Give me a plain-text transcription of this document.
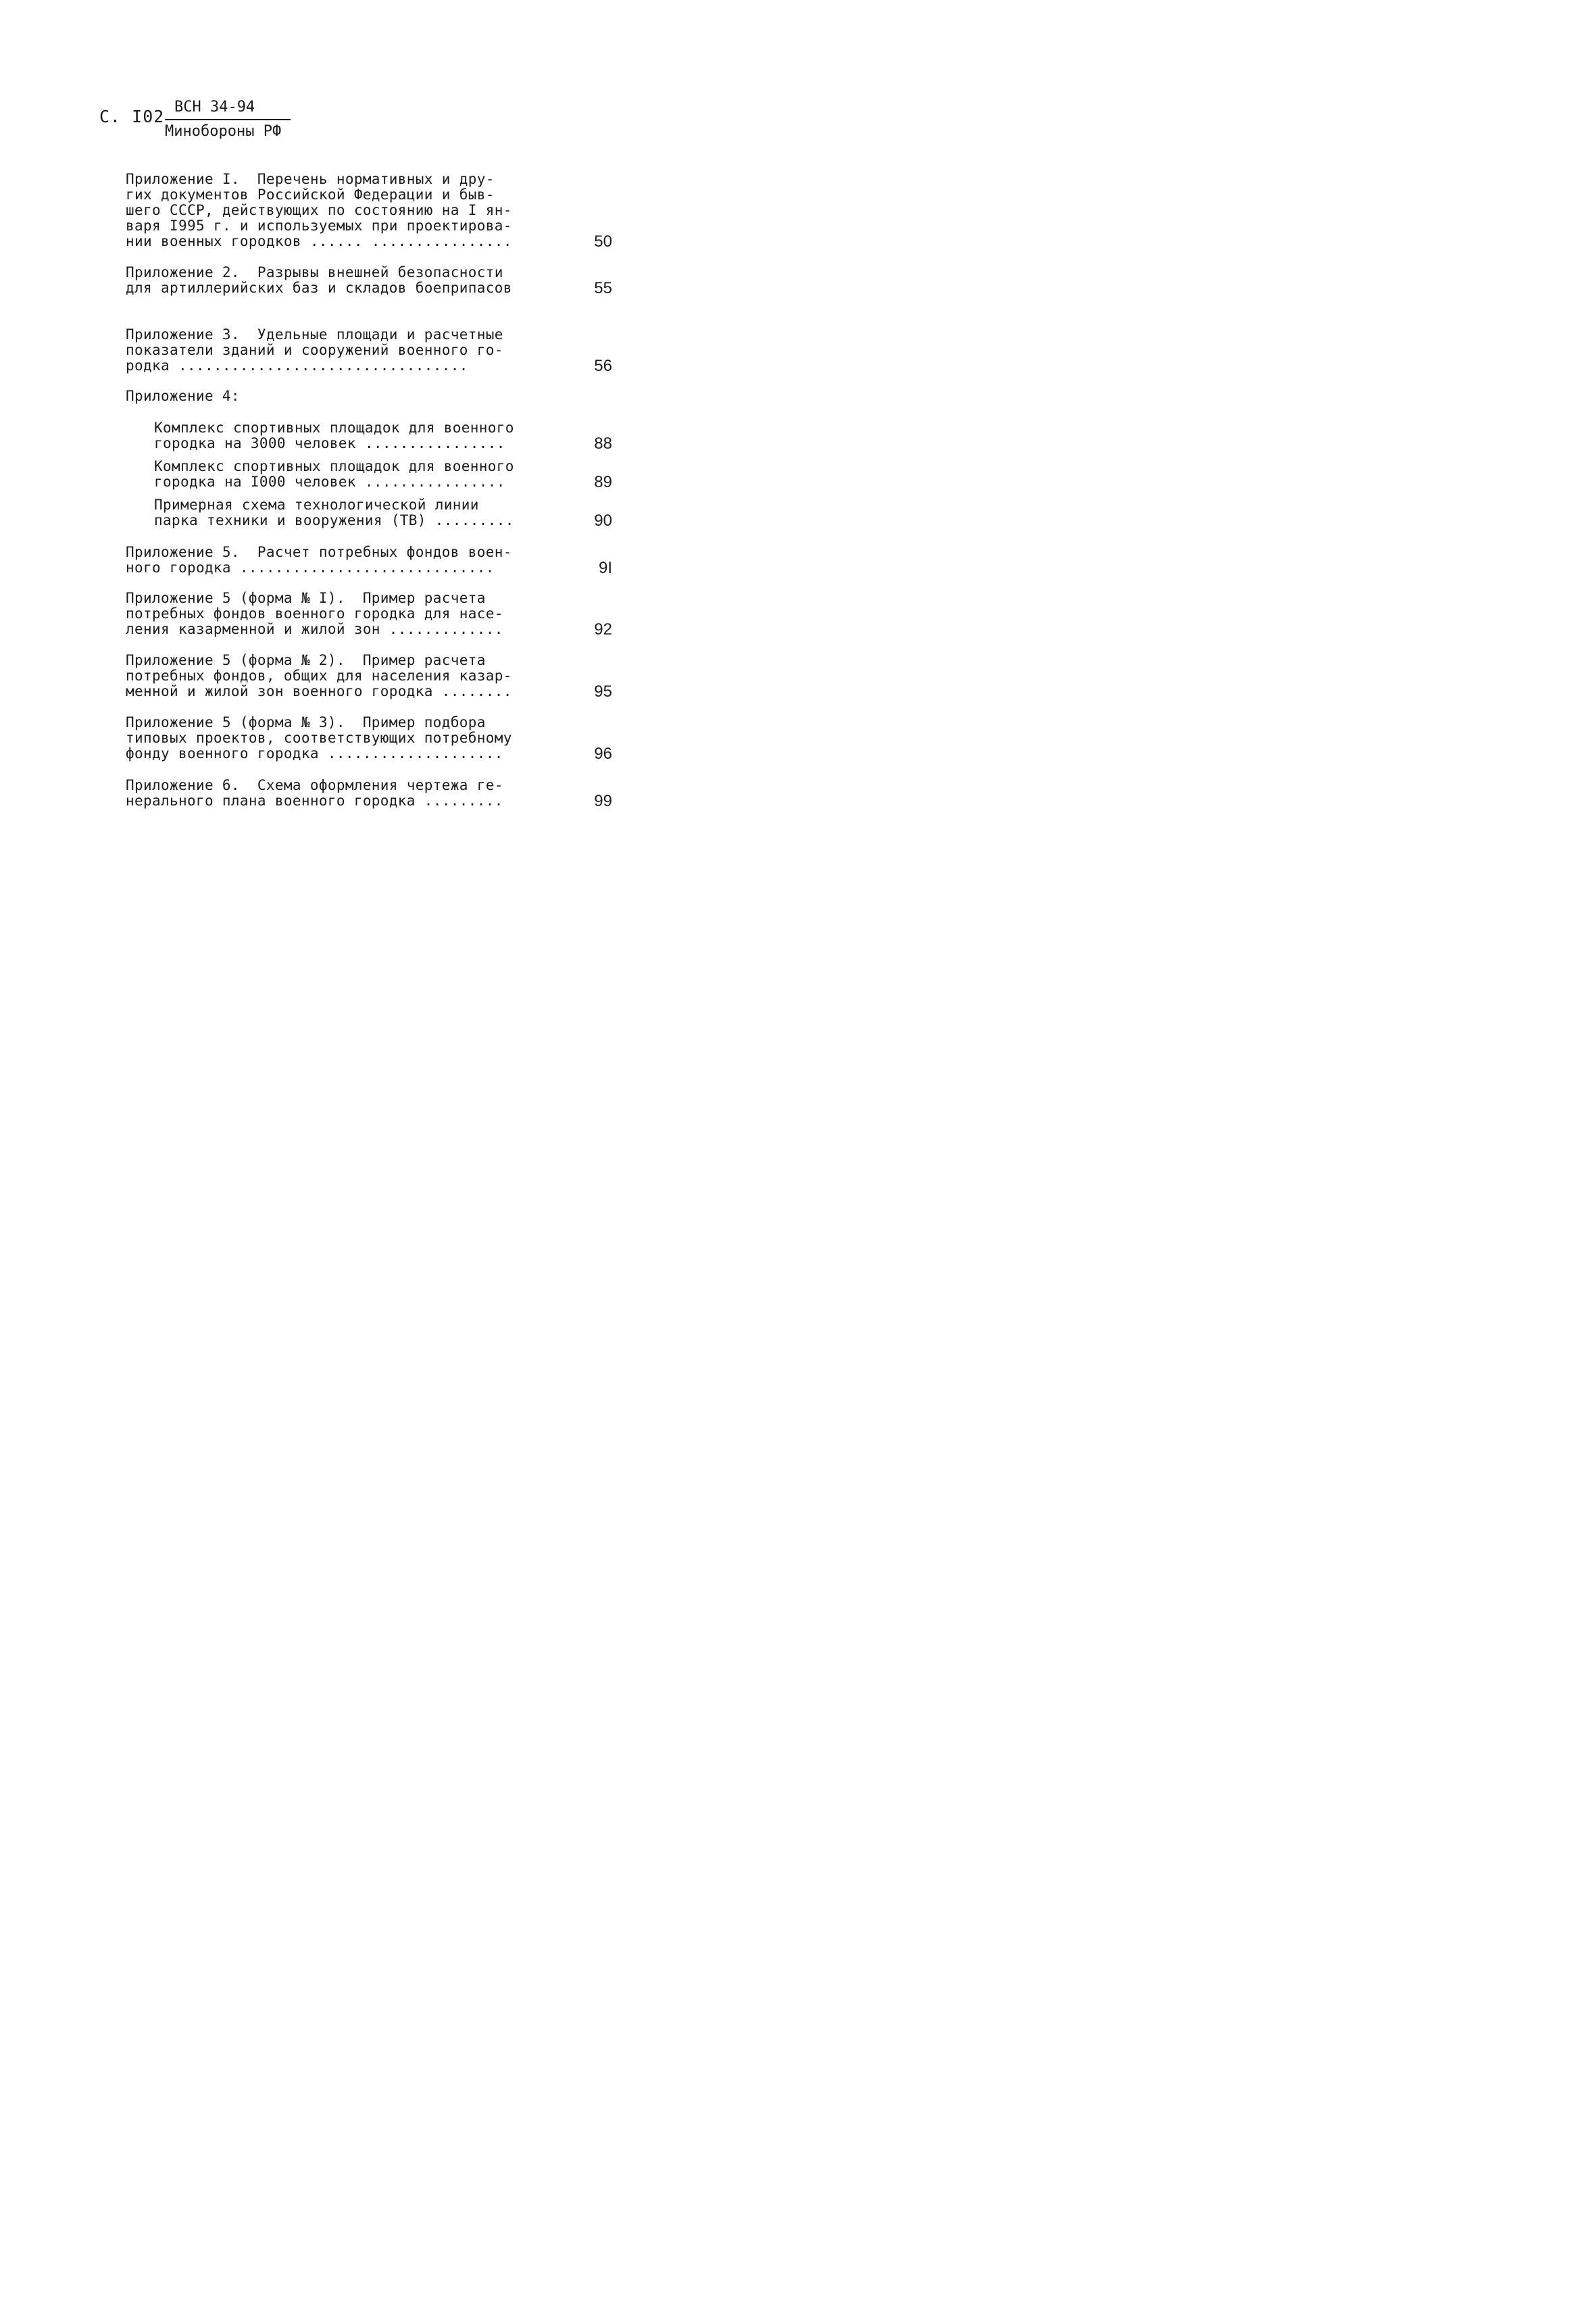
С. I02 ВСН 34-94
Минобороны РФ
Приложение I.  Перечень нормативных и дру-
гих документов Российской Федерации и быв-
шего СССР, действующих по состоянию на I ян-
варя I995 г. и используемых при проектирова-
нии военных городков ...... ................	50
Приложение 2.  Разрывы внешней безопасности
для артиллерийских баз и складов боеприпасов	55
Приложение 3.  Удельные площади и расчетные
показатели зданий и сооружений военного го-
родка .................................	56
Приложение 4:
Комплекс спортивных площадок для военного
городка на 3000 человек ................	88
Комплекс спортивных площадок для военного
городка на I000 человек ................	89
Примерная схема технологической линии
парка техники и вооружения (ТВ) .........	90
Приложение 5.  Расчет потребных фондов воен-
ного городка .............................	9I
Приложение 5 (форма № I).  Пример расчета
потребных фондов военного городка для насе-
ления казарменной и жилой зон .............	92
Приложение 5 (форма № 2).  Пример расчета
потребных фондов, общих для населения казар-
менной и жилой зон военного городка ........	95
Приложение 5 (форма № 3).  Пример подбора
типовых проектов, соответствующих потребному
фонду военного городка ....................	96
Приложение 6.  Схема оформления чертежа ге-
нерального плана военного городка .........	99
